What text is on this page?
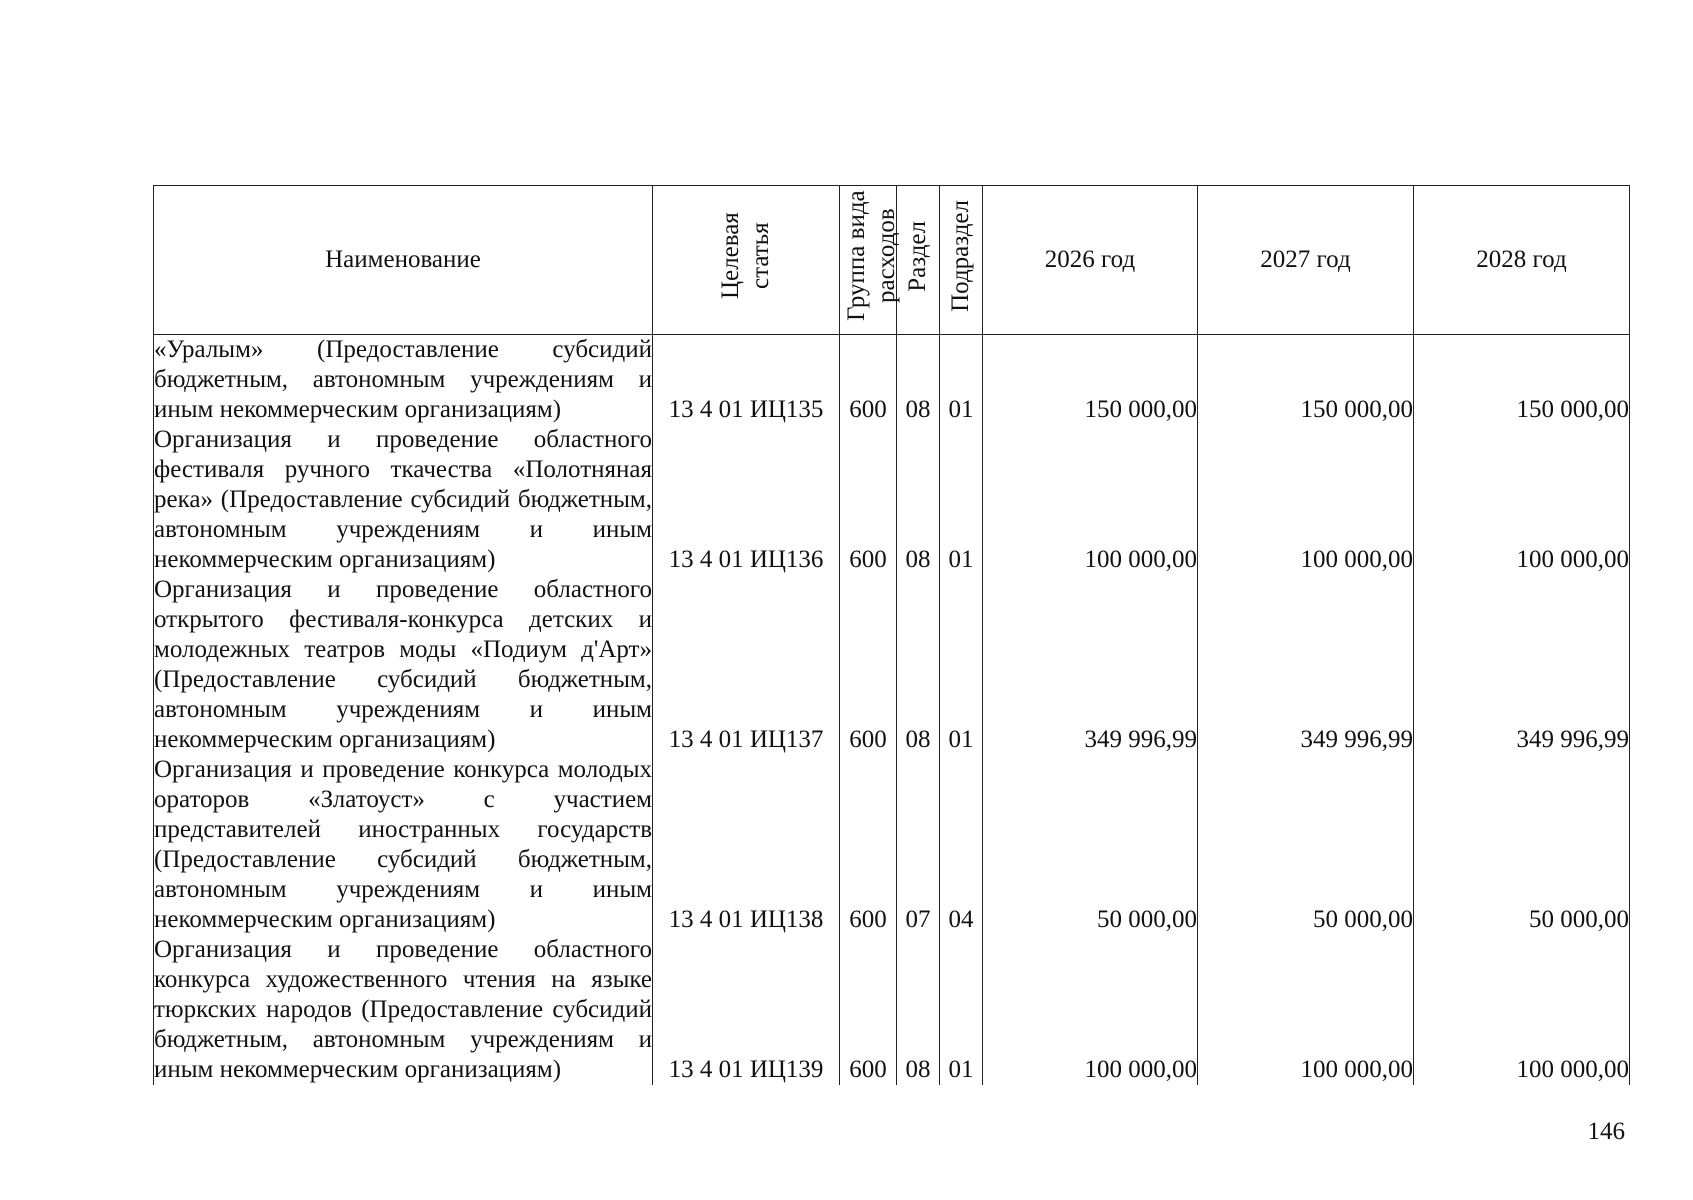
Наименование	Целевая статья	Группа вида расходов	Раздел	Подраздел	2026 год	2027 год	2028 год
«Уралым» (Предоставление субсидий бюджетным, автономным учреждениям и иным некоммерческим организациям)	13 4 01 ИЦ135	600	08	01	150 000,00	150 000,00	150 000,00
Организация и проведение областного фестиваля ручного ткачества «Полотняная река» (Предоставление субсидий бюджетным, автономным учреждениям и иным некоммерческим организациям)	13 4 01 ИЦ136	600	08	01	100 000,00	100 000,00	100 000,00
Организация и проведение областного открытого фестиваля-конкурса детских и молодежных театров моды «Подиум д'Арт» (Предоставление субсидий бюджетным, автономным учреждениям и иным некоммерческим организациям)	13 4 01 ИЦ137	600	08	01	349 996,99	349 996,99	349 996,99
Организация и проведение конкурса молодых ораторов «Златоуст» с участием представителей иностранных государств (Предоставление субсидий бюджетным, автономным учреждениям и иным некоммерческим организациям)	13 4 01 ИЦ138	600	07	04	50 000,00	50 000,00	50 000,00
Организация и проведение областного конкурса художественного чтения на языке тюркских народов (Предоставление субсидий бюджетным, автономным учреждениям и иным некоммерческим организациям)	13 4 01 ИЦ139	600	08	01	100 000,00	100 000,00	100 000,00
146
